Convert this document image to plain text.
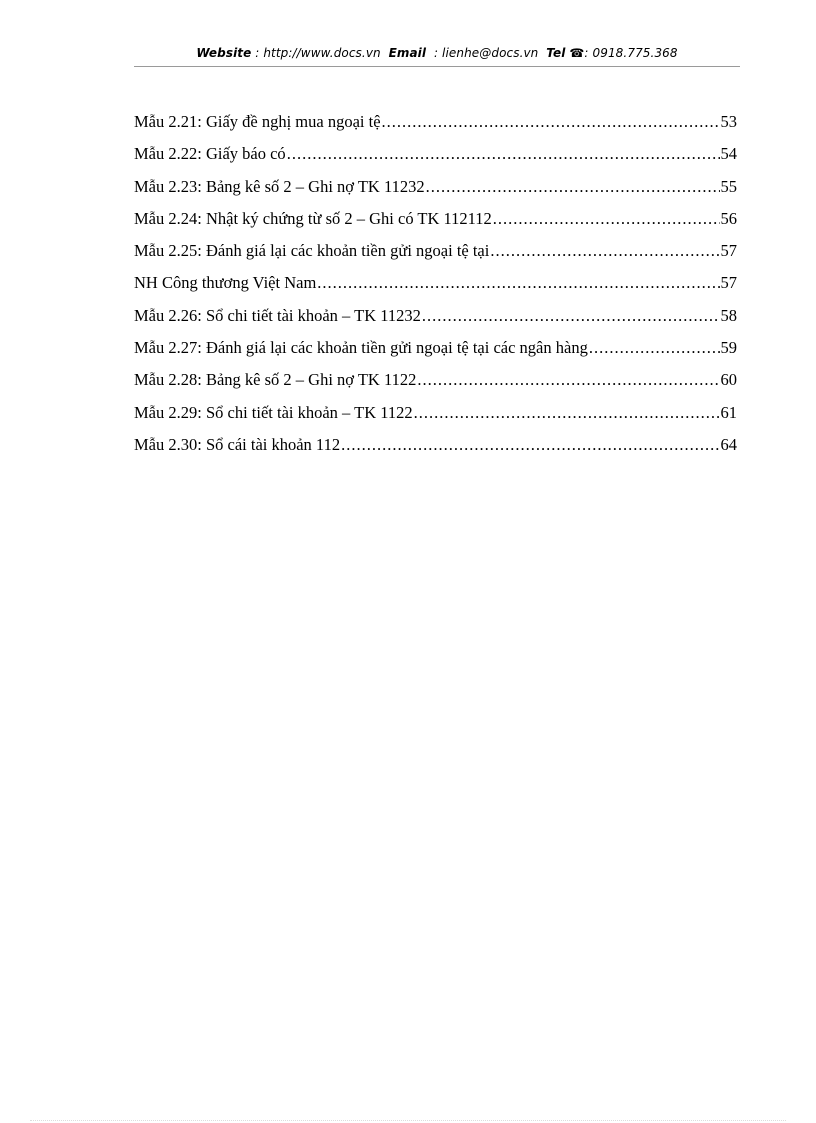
Website : http://www.docs.vn Email : lienhe@docs.vn Tel ☎: 0918.775.368
Mẫu 2.21: Giấy đề nghị mua ngoại tệ .....	53
Mẫu 2.22: Giấy báo có .....	54
Mẫu 2.23: Bảng kê số 2 – Ghi nợ TK 11232 .....	55
Mẫu 2.24: Nhật ký chứng từ số 2 – Ghi có TK 112112 .....	56
Mẫu 2.25: Đánh giá lại các khoản tiền gửi ngoại tệ tại .....	57
NH Công thương Việt Nam .....	57
Mẫu 2.26: Sổ chi tiết tài khoản – TK 11232 .....	58
Mẫu 2.27: Đánh giá lại các khoản tiền gửi ngoại tệ tại các ngân hàng .....	59
Mẫu 2.28: Bảng kê số 2 – Ghi nợ TK 1122 .....	60
Mẫu 2.29: Sổ chi tiết tài khoản – TK 1122 .....	61
Mẫu 2.30: Sổ cái tài khoản 112 .....	64
